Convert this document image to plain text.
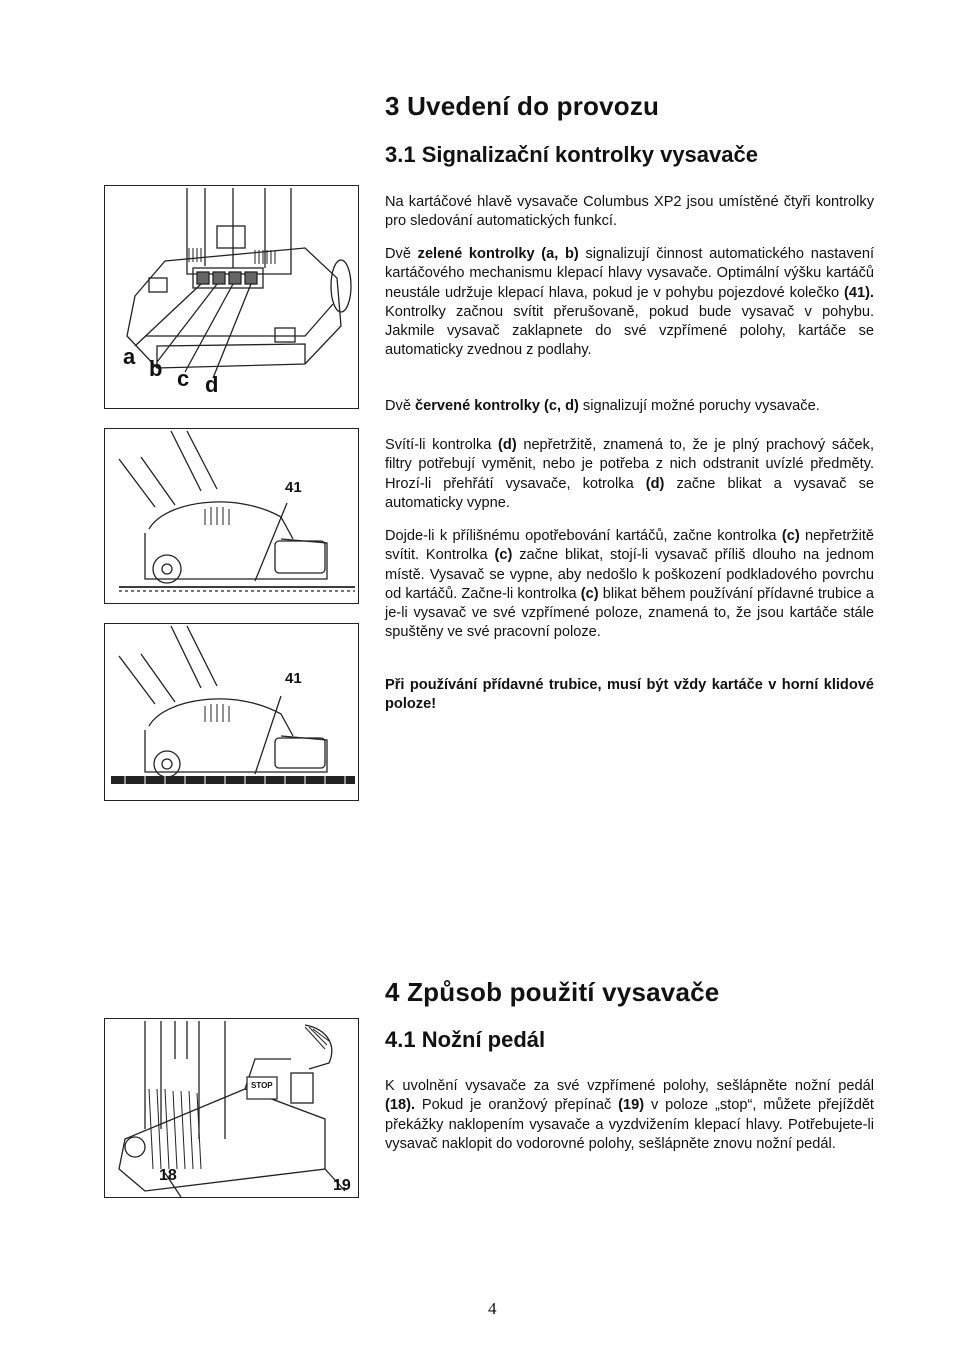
3 Uvedení do provozu
3.1 Signalizační kontrolky vysavače
Na kartáčové hlavě vysavače Columbus XP2 jsou umístěné čtyři kontrolky pro sledování automatických funkcí.
Dvě zelené kontrolky (a, b) signalizují činnost automatického nastavení kartáčového mechanismu klepací hlavy vysavače. Optimální výšku kartáčů neustále udržuje klepací hlava, pokud je v pohybu pojezdové kolečko (41). Kontrolky začnou svítit přerušovaně, pokud bude vysavač v pohybu. Jakmile vysavač zaklapnete do své vzpřímené polohy, kartáče se automaticky zvednou z podlahy.
Dvě červené kontrolky (c, d) signalizují možné poruchy vysavače.
Svítí-li kontrolka (d) nepřetržitě, znamená to, že je plný prachový sáček, filtry potřebují vyměnit, nebo je potřeba z nich odstranit uvízlé předměty. Hrozí-li přehřátí vysavače, kotrolka (d) začne blikat a vysavač se automaticky vypne.
Dojde-li k přílišnému opotřebování kartáčů, začne kontrolka (c) nepřetržitě svítit. Kontrolka (c) začne blikat, stojí-li vysavač příliš dlouho na jednom místě. Vysavač se vypne, aby nedošlo k poškození podkladového povrchu od kartáčů. Začne-li kontrolka (c) blikat během používání přídavné trubice a je-li vysavač ve své vzpřímené poloze, znamená to, že jsou kartáče stále spuštěny ve své pracovní poloze.
Při používání přídavné trubice, musí být vždy kartáče v horní klidové poloze!
a b c d
41
41
4 Způsob použití vysavače
4.1 Nožní pedál
K uvolnění vysavače za své vzpřímené polohy, sešlápněte nožní pedál (18). Pokud je oranžový přepínač (19) v poloze „stop“, můžete přejíždět překážky naklopením vysavače a vyzdvižením klepací hlavy. Potřebujete-li vysavač naklopit do vodorovné polohy, sešlápněte znovu nožní pedál.
STOP
18
19
4
